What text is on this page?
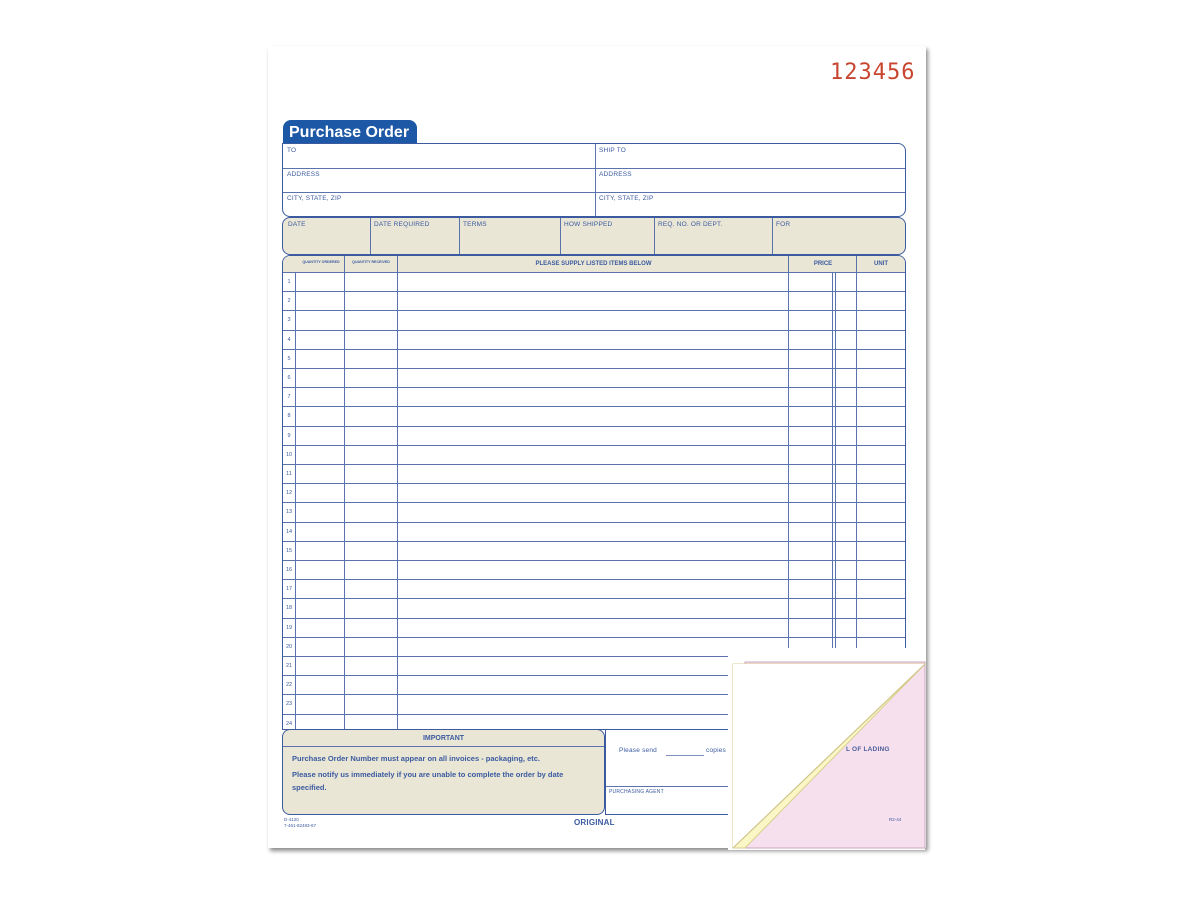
123456
Purchase Order
TO
ADDRESS
CITY, STATE, ZIP
SHIP TO
ADDRESS
CITY, STATE, ZIP
DATE	DATE REQUIRED	TERMS	HOW SHIPPED	REQ. NO. OR DEPT.	FOR
QUANTITY ORDERED	QUANTITY RECEIVED	PLEASE SUPPLY LISTED ITEMS BELOW	PRICE	UNIT
1
2
3
4
5
6
7
8
9
10
11
12
13
14
15
16
17
18
19
20
21
22
23
24
IMPORTANT
Purchase Order Number must appear on all invoices - packaging, etc.
Please notify us immediately if you are unable to complete the order by date specified.
Please send	copies
PURCHASING AGENT
D-4120
7-461-82483-67	ORIGINAL
L OF LADING
R2-44
